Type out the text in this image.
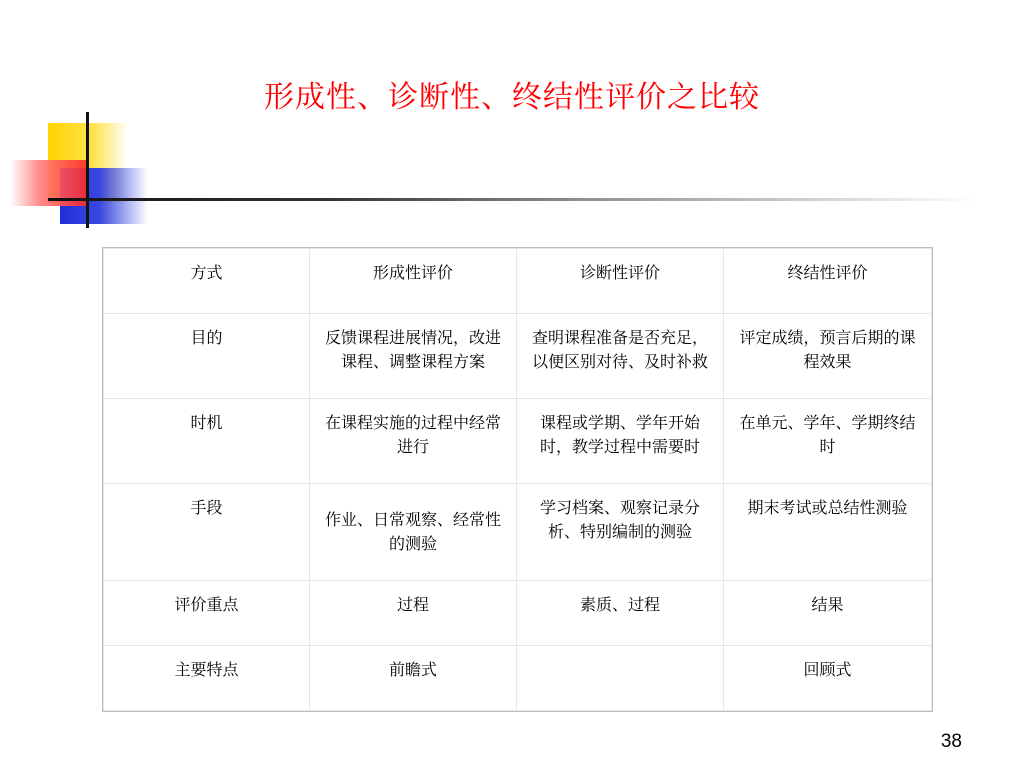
形成性、诊断性、终结性评价之比较
方式	形成性评价	诊断性评价	终结性评价
目的	反馈课程进展情况，改进课程、调整课程方案	查明课程准备是否充足，以便区别对待、及时补救	评定成绩，预言后期的课程效果
时机	在课程实施的过程中经常进行	课程或学期、学年开始时，教学过程中需要时	在单元、学年、学期终结时
手段	作业、日常观察、经常性的测验	学习档案、观察记录分析、特别编制的测验	期末考试或总结性测验
评价重点	过程	素质、过程	结果
主要特点	前瞻式		回顾式
38
